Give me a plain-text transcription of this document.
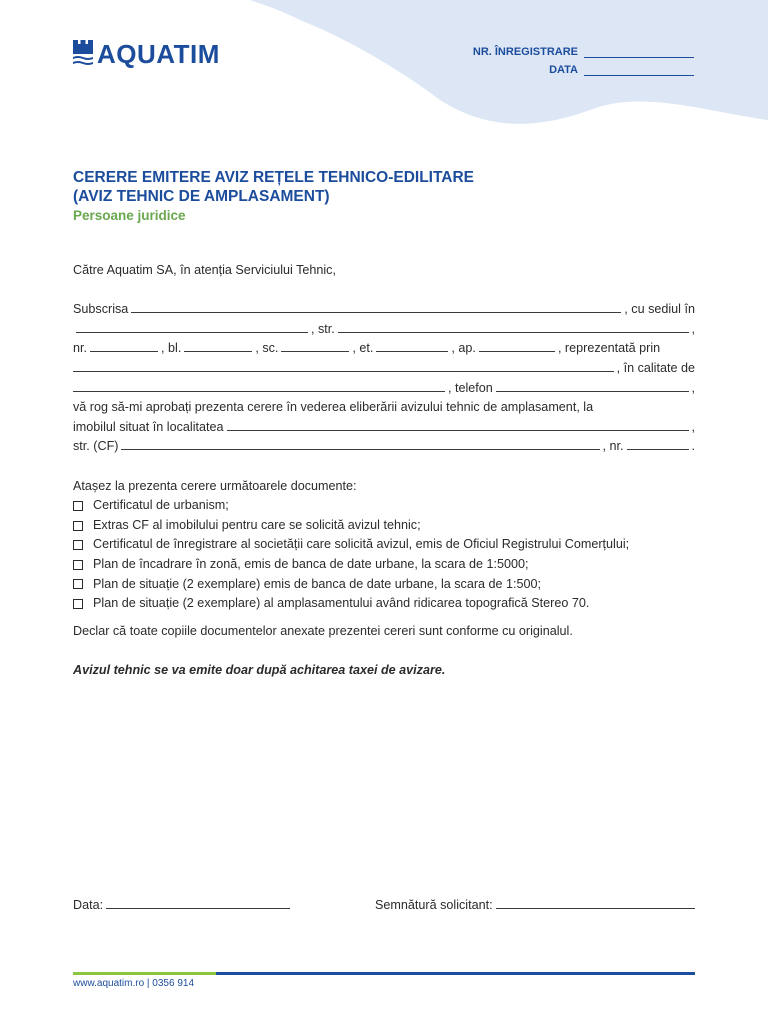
AQUATIM	NR. ÎNREGISTRARE
DATA
CERERE EMITERE AVIZ REȚELE TEHNICO-EDILITARE
(AVIZ TEHNIC DE AMPLASAMENT)
Persoane juridice
Către Aquatim SA, în atenția Serviciului Tehnic,
Subscrisa	, cu sediul în
, str.	,
nr.	, bl.	, sc.	, et.	, ap.	, reprezentată prin
, în calitate de
, telefon	,
vă rog să-mi aprobați prezenta cerere în vederea eliberării avizului tehnic de amplasament, la
imobilul situat în localitatea	,
str. (CF)	, nr.	.
Atașez la prezenta cerere următoarele documente:
Certificatul de urbanism;
Extras CF al imobilului pentru care se solicită avizul tehnic;
Certificatul de înregistrare al societății care solicită avizul, emis de Oficiul Registrului Comerțului;
Plan de încadrare în zonă, emis de banca de date urbane, la scara de 1:5000;
Plan de situație (2 exemplare) emis de banca de date urbane, la scara de 1:500;
Plan de situație (2 exemplare) al amplasamentului având ridicarea topografică Stereo 70.
Declar că toate copiile documentelor anexate prezentei cereri sunt conforme cu originalul.
Avizul tehnic se va emite doar după achitarea taxei de avizare.
Data:	Semnătură solicitant:
www.aquatim.ro | 0356 914
